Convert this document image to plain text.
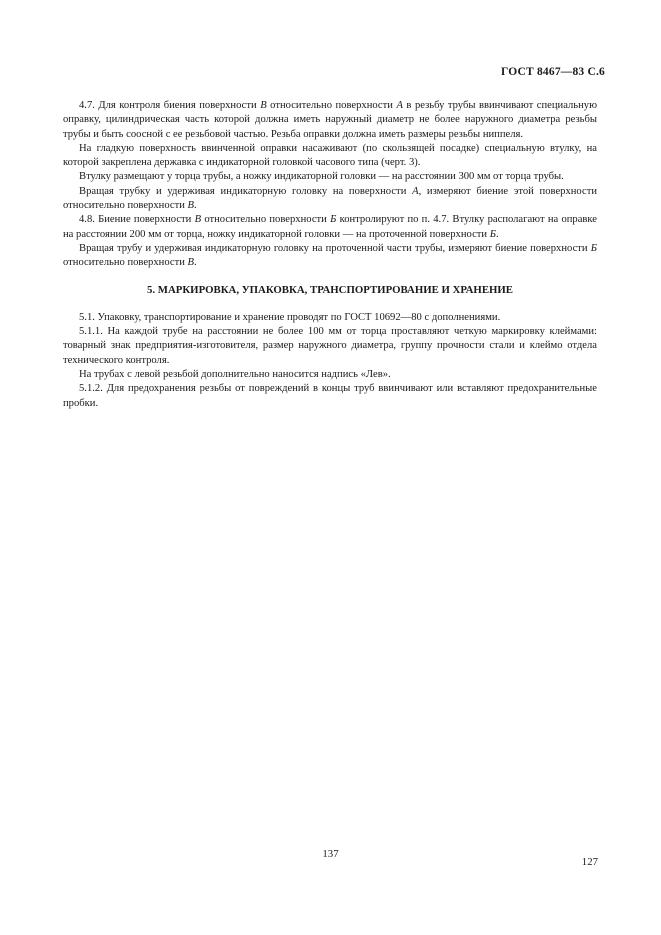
ГОСТ 8467—83 С.6

4.7. Для контроля биения поверхности В относительно поверхности А в резьбу трубы ввинчивают специальную оправку, цилиндрическая часть которой должна иметь наружный диаметр не более наружного диаметра резьбы трубы и быть соосной с ее резьбовой частью. Резьба оправки должна иметь размеры резьбы ниппеля.

На гладкую поверхность ввинченной оправки насаживают (по скользящей посадке) специальную втулку, на которой закреплена державка с индикаторной головкой часового типа (черт. 3).

Втулку размещают у торца трубы, а ножку индикаторной головки — на расстоянии 300 мм от торца трубы.

Вращая трубку и удерживая индикаторную головку на поверхности А, измеряют биение этой поверхности относительно поверхности В.

4.8. Биение поверхности В относительно поверхности Б контролируют по п. 4.7. Втулку располагают на оправке на расстоянии 200 мм от торца, ножку индикаторной головки — на проточенной поверхности Б.

Вращая трубу и удерживая индикаторную головку на проточенной части трубы, измеряют биение поверхности Б относительно поверхности В.

5. МАРКИРОВКА, УПАКОВКА, ТРАНСПОРТИРОВАНИЕ И ХРАНЕНИЕ

5.1. Упаковку, транспортирование и хранение проводят по ГОСТ 10692—80 с дополнениями.

5.1.1. На каждой трубе на расстоянии не более 100 мм от торца проставляют четкую маркировку клеймами: товарный знак предприятия-изготовителя, размер наружного диаметра, группу прочности стали и клеймо отдела технического контроля.

На трубах с левой резьбой дополнительно наносится надпись «Лев».

5.1.2. Для предохранения резьбы от повреждений в концы труб ввинчивают или вставляют предохранительные пробки.

137
127
